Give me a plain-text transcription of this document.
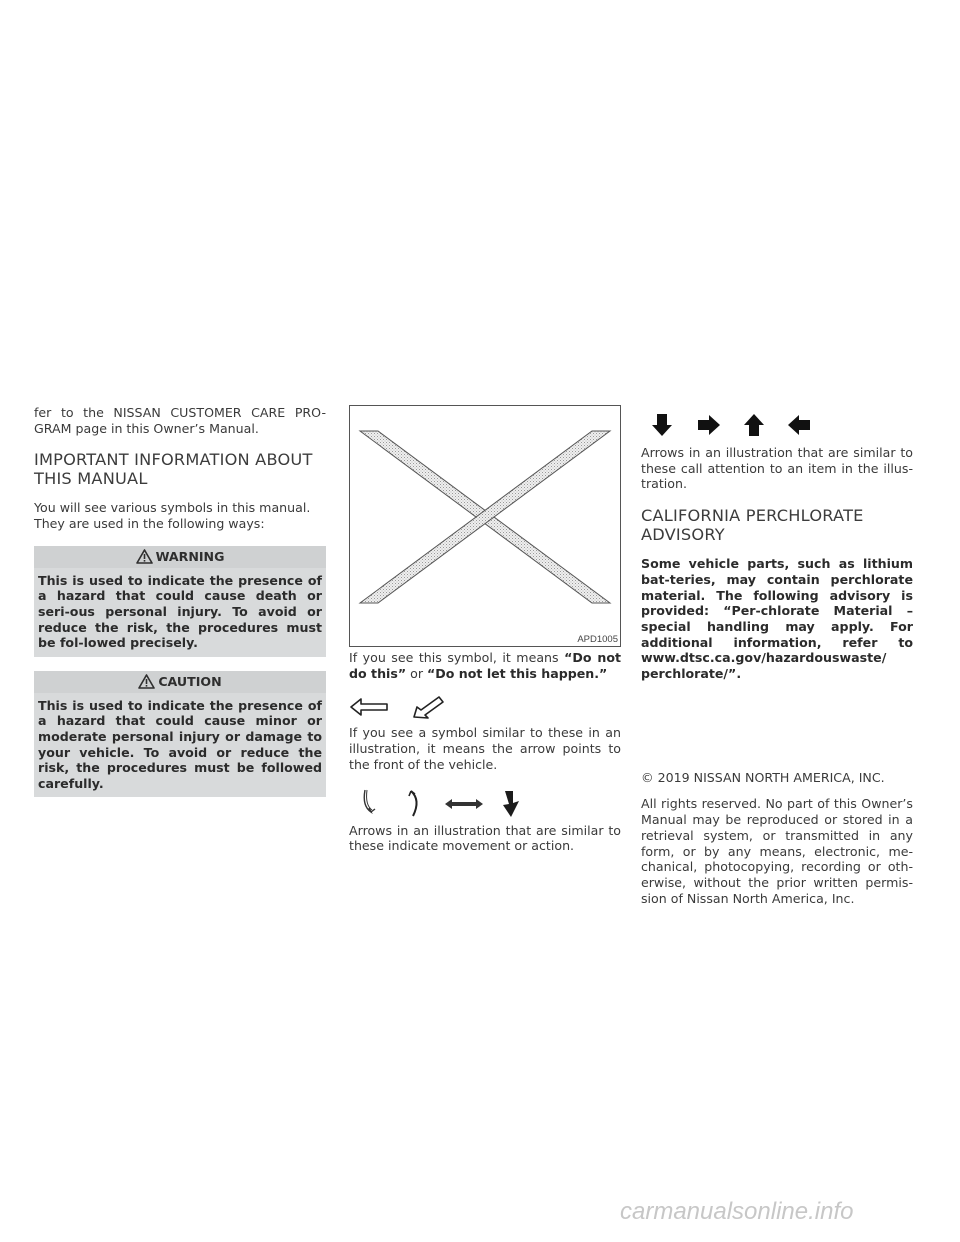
fer to the NISSAN CUSTOMER CARE PRO-GRAM page in this Owner’s Manual.

IMPORTANT INFORMATION ABOUT THIS MANUAL

You will see various symbols in this manual. They are used in the following ways:

WARNING
This is used to indicate the presence of a hazard that could cause death or seri-ous personal injury. To avoid or reduce the risk, the procedures must be fol-lowed precisely.
CAUTION
This is used to indicate the presence of a hazard that could cause minor or moderate personal injury or damage to your vehicle. To avoid or reduce the risk, the procedures must be followed carefully.
APD1005

If you see this symbol, it means “Do not do this” or “Do not let this happen.”

If you see a symbol similar to these in an illustration, it means the arrow points to the front of the vehicle.

Arrows in an illustration that are similar to these indicate movement or action.

Arrows in an illustration that are similar to these call attention to an item in the illus-tration.

CALIFORNIA PERCHLORATE ADVISORY

Some vehicle parts, such as lithium bat-teries, may contain perchlorate material. The following advisory is provided: “Per-chlorate Material – special handling may apply. For additional information, refer to www.dtsc.ca.gov/hazardouswaste/ perchlorate/”.

© 2019 NISSAN NORTH AMERICA, INC.

All rights reserved. No part of this Owner’s Manual may be reproduced or stored in a retrieval system, or transmitted in any form, or by any means, electronic, me-chanical, photocopying, recording or oth-erwise, without the prior written permis-sion of Nissan North America, Inc.

carmanualsonline.info
